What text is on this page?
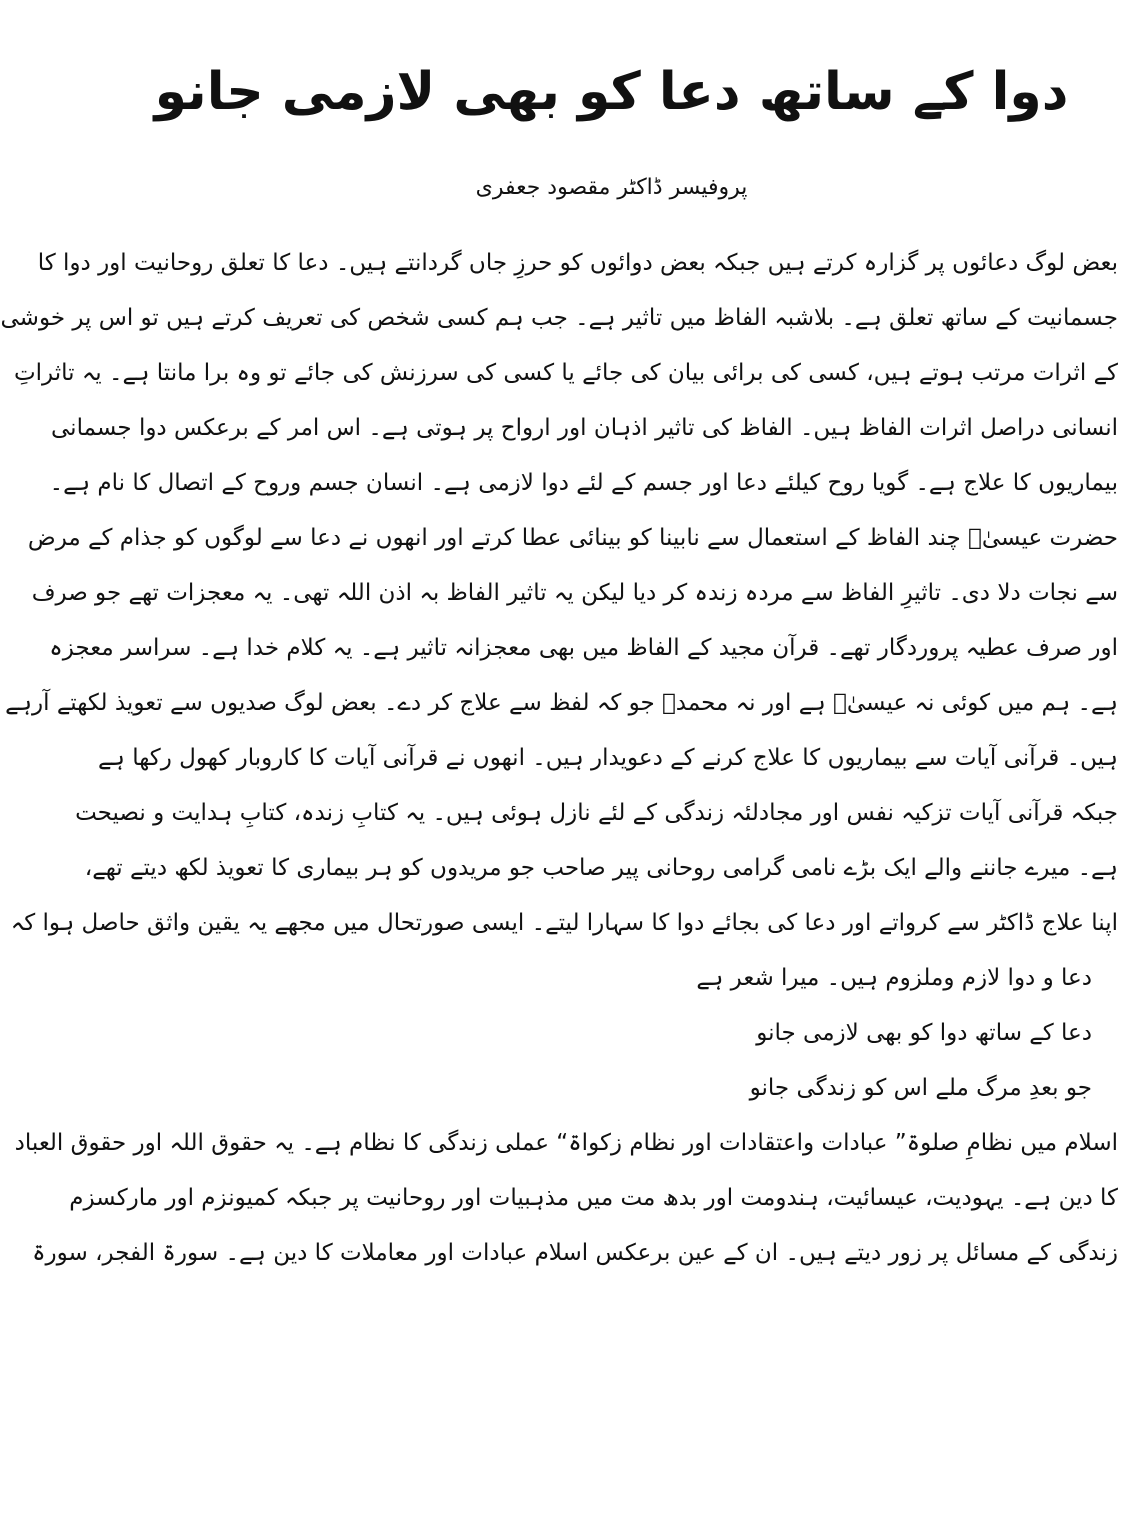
دوا کے ساتھ دعا کو بھی لازمی جانو

پروفیسر ڈاکٹر مقصود جعفری

بعض لوگ دعائوں پر گزارہ کرتے ہیں جبکہ بعض دوائوں کو حرزِ جاں گردانتے ہیں۔ دعا کا تعلق روحانیت اور دوا کا
جسمانیت کے ساتھ تعلق ہے۔ بلاشبہ الفاظ میں تاثیر ہے۔ جب ہم کسی شخص کی تعریف کرتے ہیں تو اس پر خوشی
کے اثرات مرتب ہوتے ہیں، کسی کی برائی بیان کی جائے یا کسی کی سرزنش کی جائے تو وہ برا مانتا ہے۔ یہ تاثراتِ
انسانی دراصل اثرات الفاظ ہیں۔ الفاظ کی تاثیر اذہان اور ارواح پر ہوتی ہے۔ اس امر کے برعکس دوا جسمانی
بیماریوں کا علاج ہے۔ گویا روح کیلئے دعا اور جسم کے لئے دوا لازمی ہے۔ انسان جسم وروح کے اتصال کا نام ہے۔
حضرت عیسیٰؑ چند الفاظ کے استعمال سے نابینا کو بینائی عطا کرتے اور انھوں نے دعا سے لوگوں کو جذام کے مرض
سے نجات دلا دی۔ تاثیرِ الفاظ سے مردہ زندہ کر دیا لیکن یہ تاثیر الفاظ بہ اذن اللہ تھی۔ یہ معجزات تھے جو صرف
اور صرف عطیہ پروردگار تھے۔ قرآن مجید کے الفاظ میں بھی معجزانہ تاثیر ہے۔ یہ کلام خدا ہے۔ سراسر معجزہ
ہے۔ ہم میں کوئی نہ عیسیٰؑ ہے اور نہ محمدؐ جو کہ لفظ سے علاج کر دے۔ بعض لوگ صدیوں سے تعویذ لکھتے آرہے
ہیں۔ قرآنی آیات سے بیماریوں کا علاج کرنے کے دعویدار ہیں۔ انھوں نے قرآنی آیات کا کاروبار کھول رکھا ہے
جبکہ قرآنی آیات تزکیہ نفس اور مجادلئہ زندگی کے لئے نازل ہوئی ہیں۔ یہ کتابِ زندہ، کتابِ ہدایت و نصیحت
ہے۔ میرے جاننے والے ایک بڑے نامی گرامی روحانی پیر صاحب جو مریدوں کو ہر بیماری کا تعویذ لکھ دیتے تھے،
اپنا علاج ڈاکٹر سے کرواتے اور دعا کی بجائے دوا کا سہارا لیتے۔ ایسی صورتحال میں مجھے یہ یقین واثق حاصل ہوا کہ
دعا و دوا لازم وملزوم ہیں۔ میرا شعر ہے
دعا کے ساتھ دوا کو بھی لازمی جانو
جو بعدِ مرگ ملے اس کو زندگی جانو
اسلام میں نظامِ صلوۃ” عبادات واعتقادات اور نظام زکواۃ“ عملی زندگی کا نظام ہے۔ یہ حقوق اللہ اور حقوق العباد
کا دین ہے۔ یہودیت، عیسائیت، ہندومت اور بدھ مت میں مذہبیات اور روحانیت پر جبکہ کمیونزم اور مارکسزم
زندگی کے مسائل پر زور دیتے ہیں۔ ان کے عین برعکس اسلام عبادات اور معاملات کا دین ہے۔ سورۃ الفجر، سورۃ
